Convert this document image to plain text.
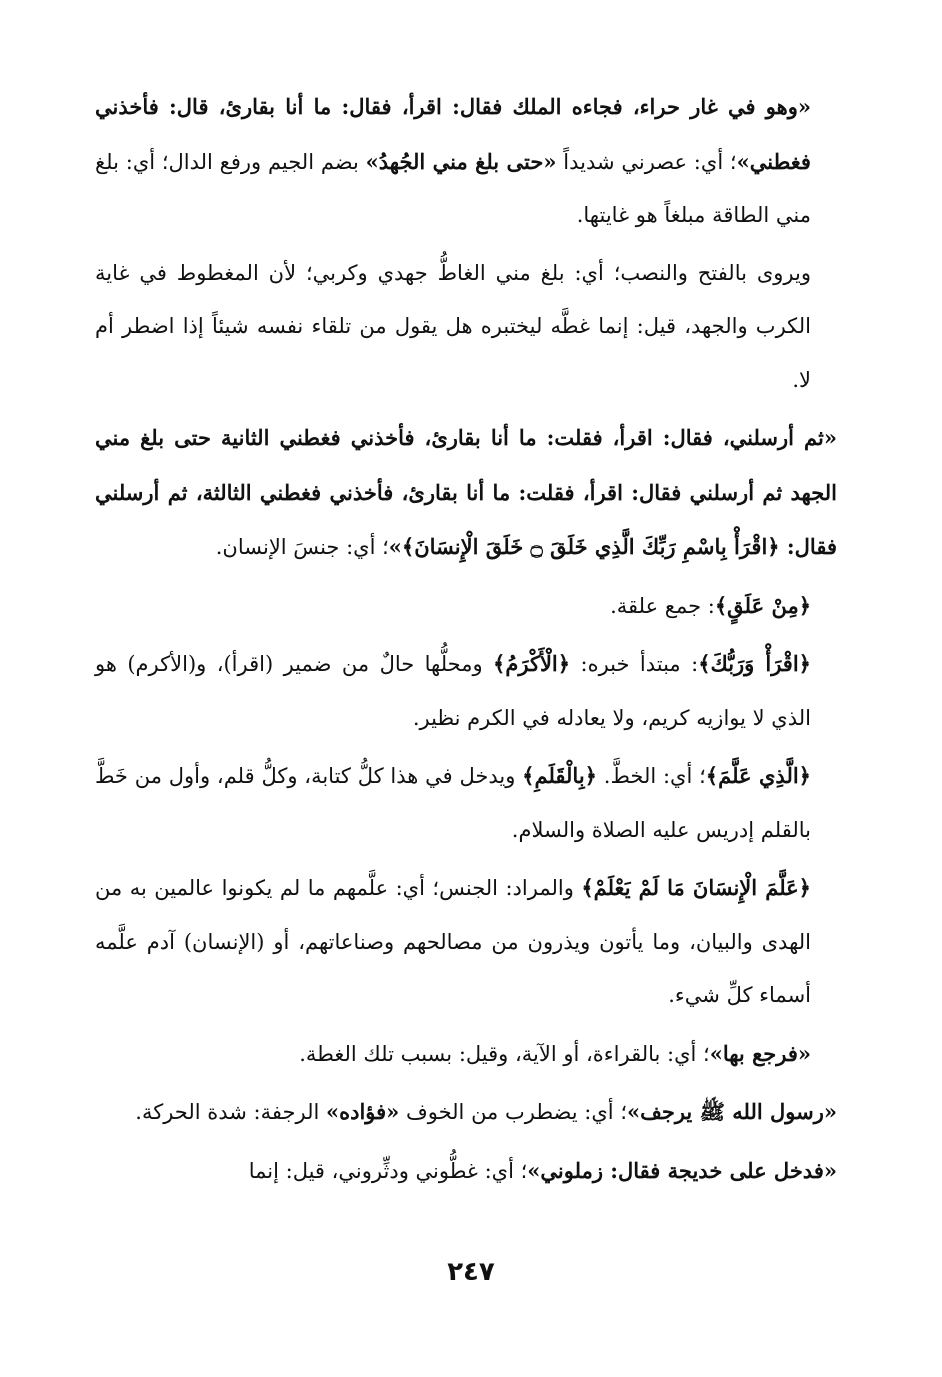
«وهو في غار حراء، فجاءه الملك فقال: اقرأ، فقال: ما أنا بقارئ، قال: فأخذني فغطني»؛ أي: عصرني شديداً «حتى بلغ مني الجُهدُ» بضم الجيم ورفع الدال؛ أي: بلغ مني الطاقة مبلغاً هو غايتها.

ويروى بالفتح والنصب؛ أي: بلغ مني الغاطُّ جهدي وكربي؛ لأن المغطوط في غاية الكرب والجهد، قيل: إنما غطَّه ليختبره هل يقول من تلقاء نفسه شيئاً إذا اضطر أم لا.

«ثم أرسلني، فقال: اقرأ، فقلت: ما أنا بقارئ، فأخذني فغطني الثانية حتى بلغ مني الجهد ثم أرسلني فقال: اقرأ، فقلت: ما أنا بقارئ، فأخذني فغطني الثالثة، ثم أرسلني فقال: ﴿اقْرَأْ بِاسْمِ رَبِّكَ الَّذِي خَلَقَ ۝ خَلَقَ الْإِنسَانَ﴾»؛ أي: جنسَ الإنسان.

﴿مِنْ عَلَقٍ﴾: جمع علقة.

﴿اقْرَأْ وَرَبُّكَ﴾: مبتدأ خبره: ﴿الْأَكْرَمُ﴾ ومحلُّها حالٌ من ضمير (اقرأ)، و(الأكرم) هو الذي لا يوازيه كريم، ولا يعادله في الكرم نظير.

﴿الَّذِي عَلَّمَ﴾؛ أي: الخطَّ. ﴿بِالْقَلَمِ﴾ ويدخل في هذا كلُّ كتابة، وكلُّ قلم، وأول من خَطَّ بالقلم إدريس عليه الصلاة والسلام.

﴿عَلَّمَ الْإِنسَانَ مَا لَمْ يَعْلَمْ﴾ والمراد: الجنس؛ أي: علَّمهم ما لم يكونوا عالمين به من الهدى والبيان، وما يأتون ويذرون من مصالحهم وصناعاتهم، أو (الإنسان) آدم علَّمه أسماء كلِّ شيء.

«فرجع بها»؛ أي: بالقراءة، أو الآية، وقيل: بسبب تلك الغطة.

«رسول الله ﷺ يرجف»؛ أي: يضطرب من الخوف «فؤاده» الرجفة: شدة الحركة.

«فدخل على خديجة فقال: زملوني»؛ أي: غطُّوني ودثِّروني، قيل: إنما

٢٤٧
